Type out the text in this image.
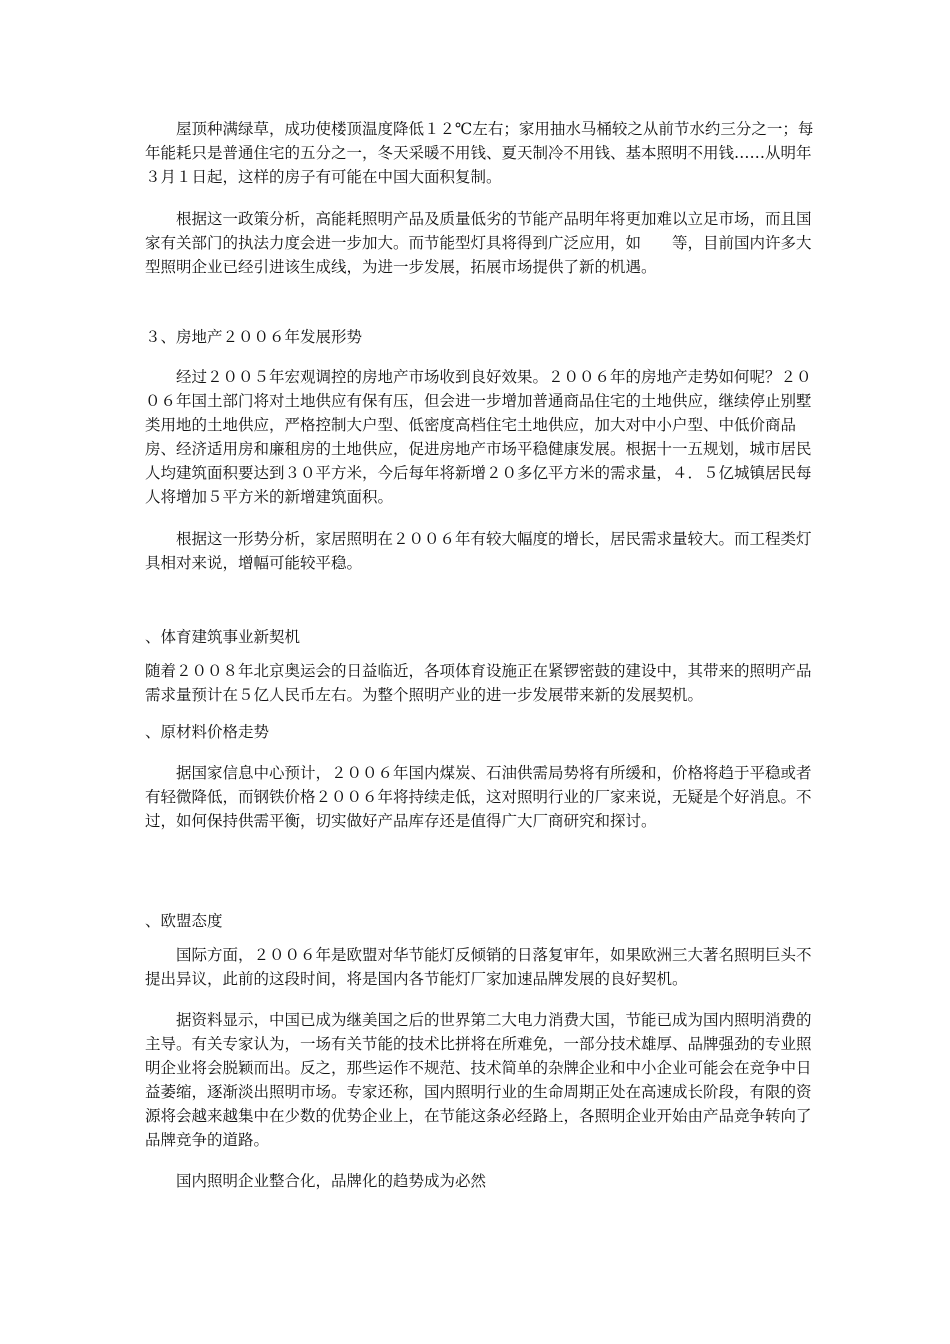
屋顶种满绿草，成功使楼顶温度降低１２℃左右；家用抽水马桶较之从前节水约三分之一；每年能耗只是普通住宅的五分之一，冬天采暖不用钱、夏天制冷不用钱、基本照明不用钱……从明年３月１日起，这样的房子有可能在中国大面积复制。

根据这一政策分析，高能耗照明产品及质量低劣的节能产品明年将更加难以立足市场，而且国家有关部门的执法力度会进一步加大。而节能型灯具将得到广泛应用，如　　等，目前国内许多大型照明企业已经引进该生成线，为进一步发展，拓展市场提供了新的机遇。

３、房地产２００６年发展形势

经过２００５年宏观调控的房地产市场收到良好效果。２００６年的房地产走势如何呢？２００６年国土部门将对土地供应有保有压，但会进一步增加普通商品住宅的土地供应，继续停止别墅类用地的土地供应，严格控制大户型、低密度高档住宅土地供应，加大对中小户型、中低价商品房、经济适用房和廉租房的土地供应，促进房地产市场平稳健康发展。根据十一五规划，城市居民人均建筑面积要达到３０平方米，今后每年将新增２０多亿平方米的需求量，４．５亿城镇居民每人将增加５平方米的新增建筑面积。

根据这一形势分析，家居照明在２００６年有较大幅度的增长，居民需求量较大。而工程类灯具相对来说，增幅可能较平稳。

、体育建筑事业新契机

随着２００８年北京奥运会的日益临近，各项体育设施正在紧锣密鼓的建设中，其带来的照明产品需求量预计在５亿人民币左右。为整个照明产业的进一步发展带来新的发展契机。

、原材料价格走势

据国家信息中心预计，２００６年国内煤炭、石油供需局势将有所缓和，价格将趋于平稳或者有轻微降低，而钢铁价格２００６年将持续走低，这对照明行业的厂家来说，无疑是个好消息。不过，如何保持供需平衡，切实做好产品库存还是值得广大厂商研究和探讨。

、欧盟态度

国际方面，２００６年是欧盟对华节能灯反倾销的日落复审年，如果欧洲三大著名照明巨头不提出异议，此前的这段时间，将是国内各节能灯厂家加速品牌发展的良好契机。

据资料显示，中国已成为继美国之后的世界第二大电力消费大国，节能已成为国内照明消费的主导。有关专家认为，一场有关节能的技术比拼将在所难免，一部分技术雄厚、品牌强劲的专业照明企业将会脱颖而出。反之，那些运作不规范、技术简单的杂牌企业和中小企业可能会在竞争中日益萎缩，逐渐淡出照明市场。专家还称，国内照明行业的生命周期正处在高速成长阶段，有限的资源将会越来越集中在少数的优势企业上，在节能这条必经路上，各照明企业开始由产品竞争转向了品牌竞争的道路。

国内照明企业整合化，品牌化的趋势成为必然
